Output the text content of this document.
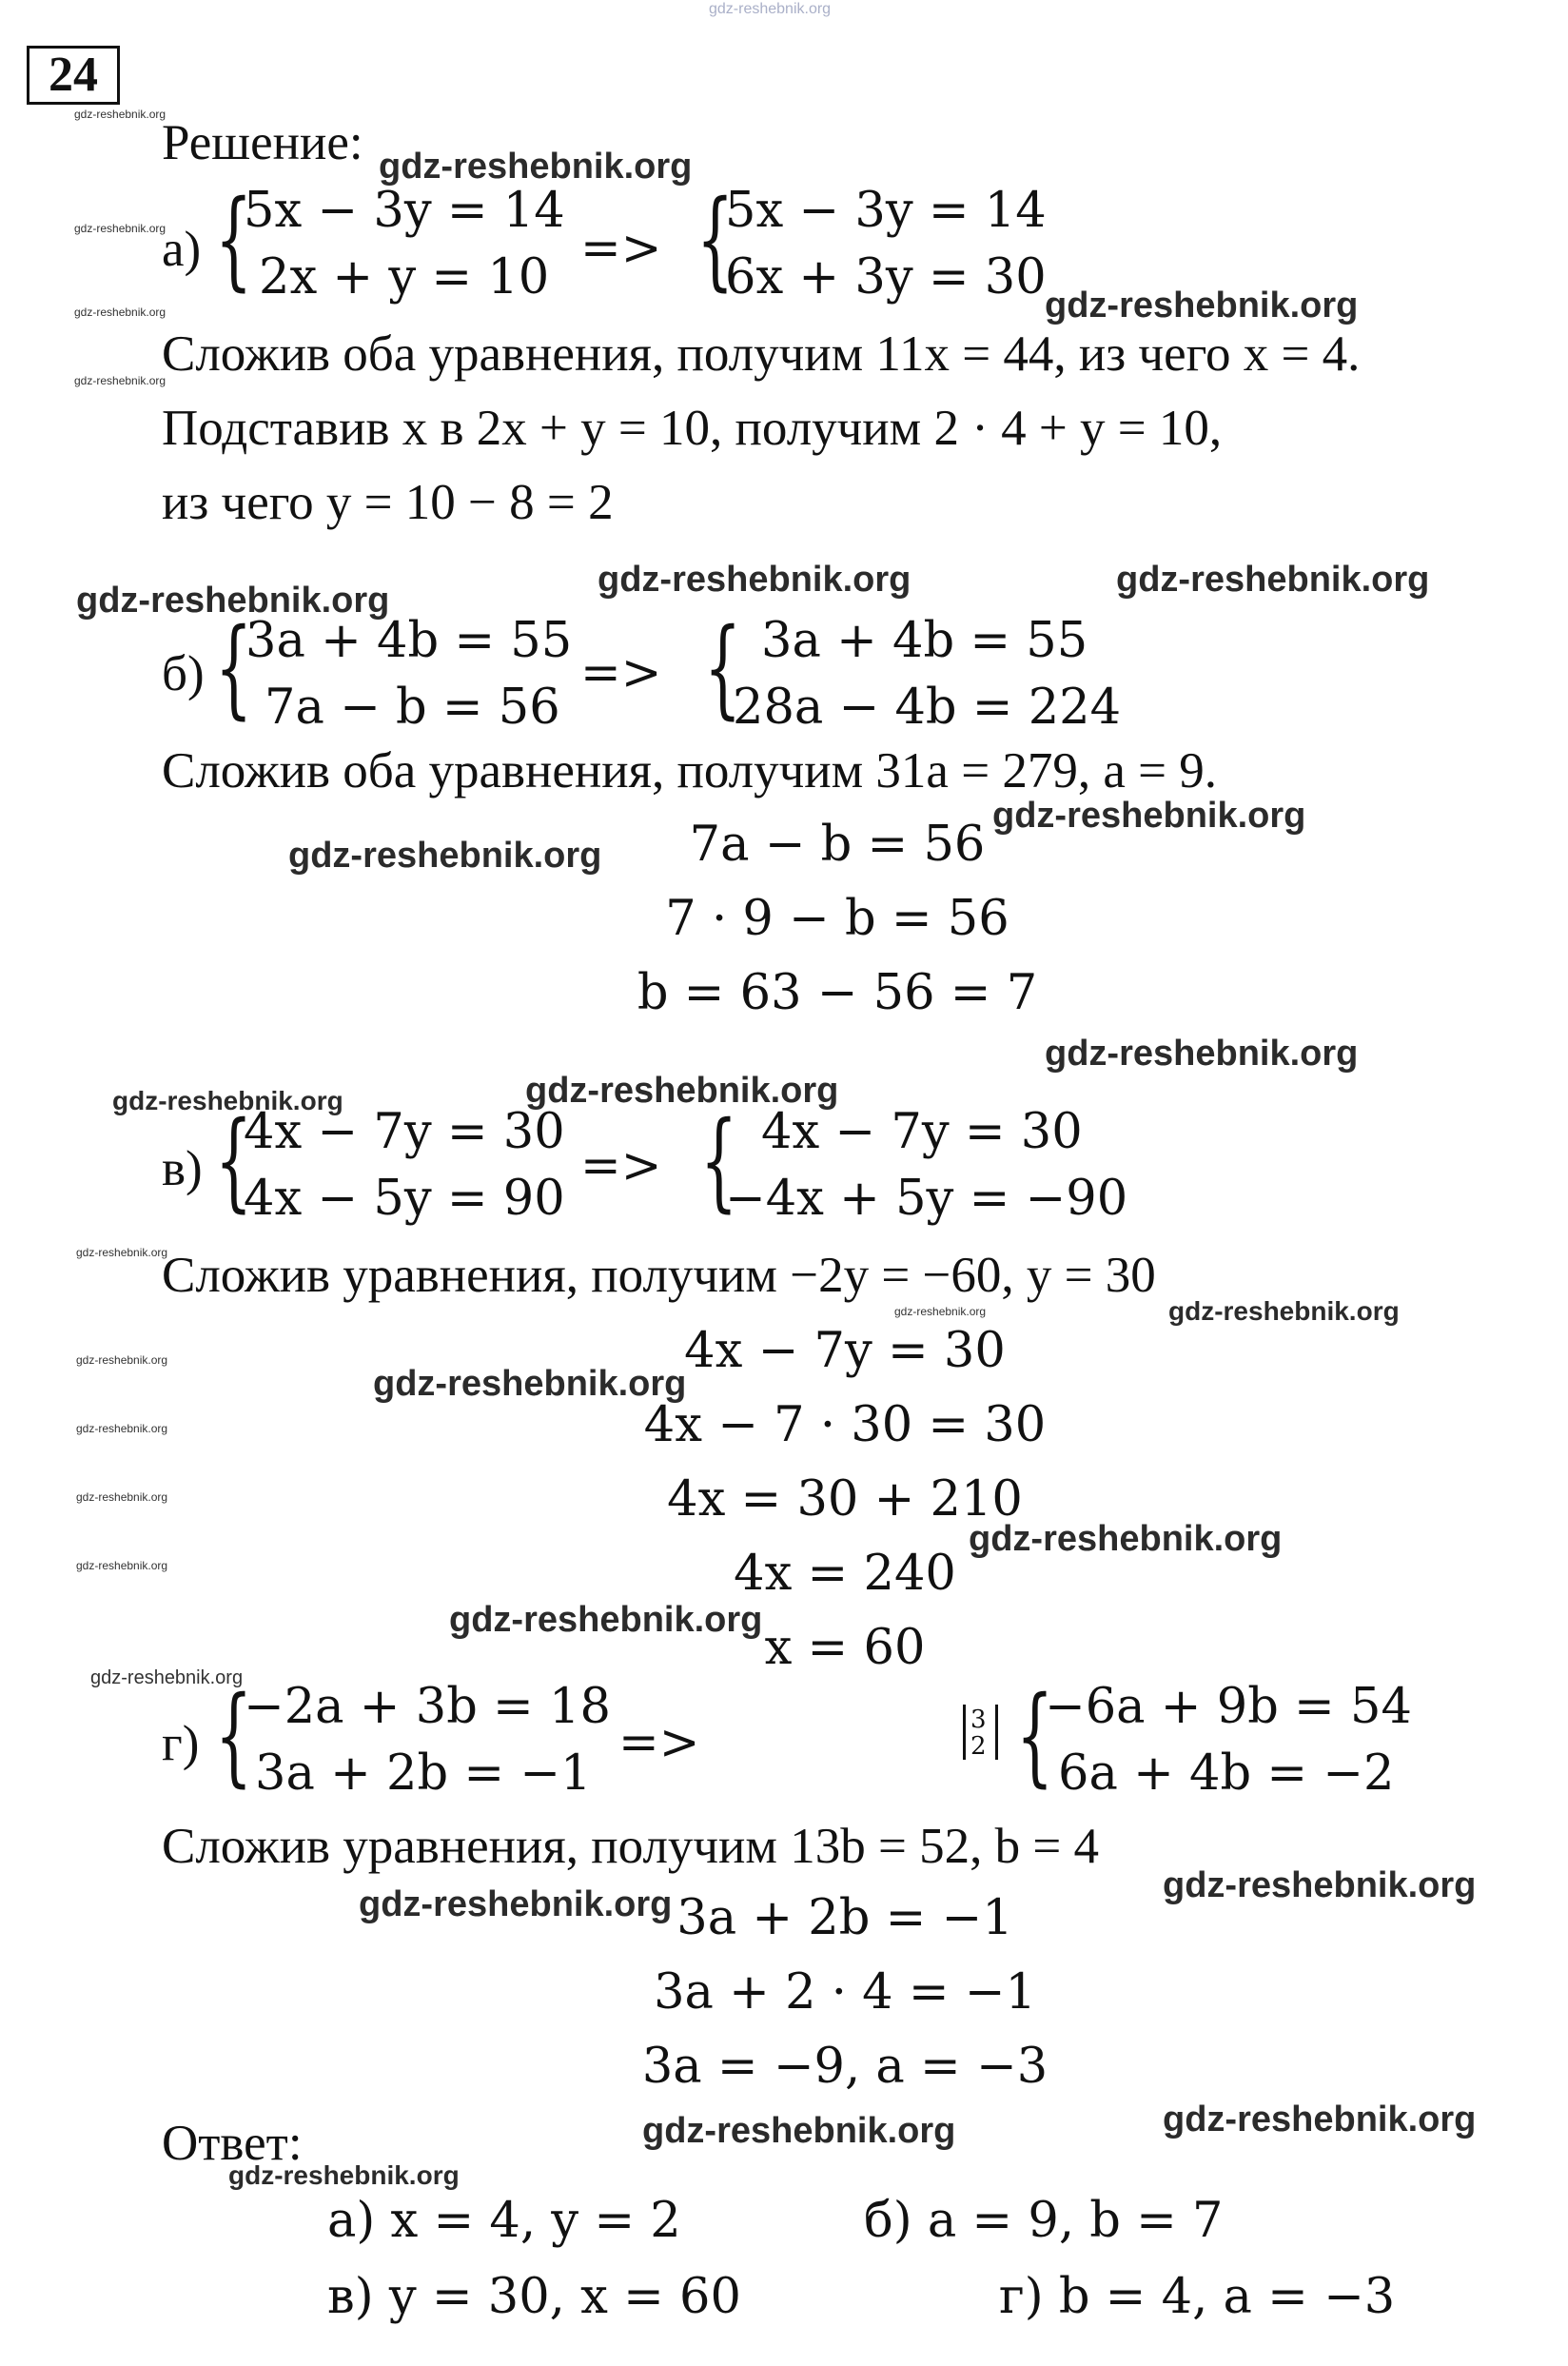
gdz-reshebnik.org
24
gdz-reshebnik.org
gdz-reshebnik.org
gdz-reshebnik.org
gdz-reshebnik.org
gdz-reshebnik.org
gdz-reshebnik.org
gdz-reshebnik.org
gdz-reshebnik.org
gdz-reshebnik.org
gdz-reshebnik.org
gdz-reshebnik.org
gdz-reshebnik.org
gdz-reshebnik.org
gdz-reshebnik.org
gdz-reshebnik.org	gdz-reshebnik.org
gdz-reshebnik.org
gdz-reshebnik.org
gdz-reshebnik.org
gdz-reshebnik.org	gdz-reshebnik.org
gdz-reshebnik.org
gdz-reshebnik.org
gdz-reshebnik.org
gdz-reshebnik.org
gdz-reshebnik.org	gdz-reshebnik.org
gdz-reshebnik.org	gdz-reshebnik.org
gdz-reshebnik.org
Решение:
а) {
5x − 3y = 14
2x + y = 10
=> {
5x − 3y = 14
6x + 3y = 30
Сложив оба уравнения, получим 11x = 44, из чего x = 4.
Подставив x в 2x + y = 10, получим 2 · 4 + y = 10,
из чего y = 10 − 8 = 2
б) {
3a + 4b = 55
7a − b = 56
=> { 3a + 4b = 55
28a − 4b = 224
Сложив оба уравнения, получим 31a = 279, a = 9.
7a − b = 56
7 · 9 − b = 56
b = 63 − 56 = 7
в) {
4x − 7y = 30
4x − 5y = 90
=> { 4x − 7y = 30
−4x + 5y = −90
Сложив уравнения, получим −2y = −60, y = 30
4x − 7y = 30
4x − 7 · 30 = 30
4x = 30 + 210
4x = 240
x = 60
г) {
−2a + 3b = 18
3a + 2b = −1
=>	3
2 {
−6a + 9b = 54
6a + 4b = −2
Сложив уравнения, получим 13b = 52, b = 4
3a + 2b = −1
3a + 2 · 4 = −1
3a = −9, a = −3
Ответ:
а) x = 4, y = 2	б) a = 9, b = 7
в) y = 30, x = 60	г) b = 4, a = −3
